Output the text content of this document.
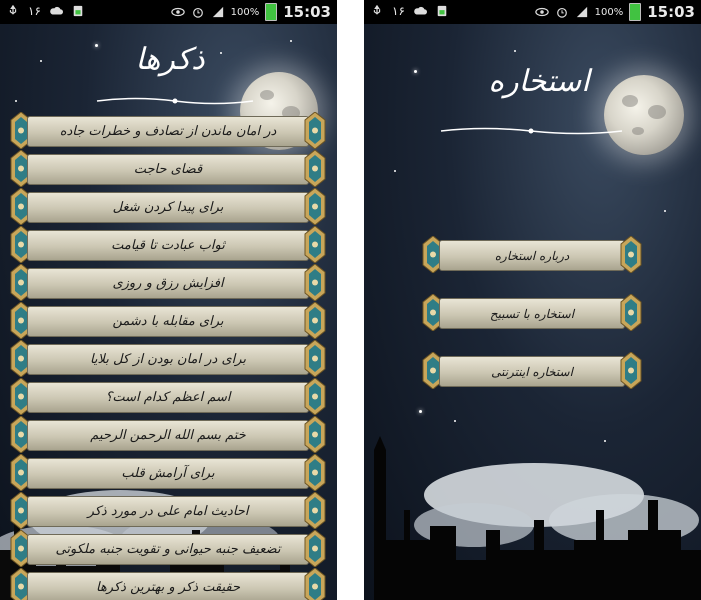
١۶	100% 15:03
ذکرها
در امان ماندن از تصادف و خطرات جاده
قضای حاجت
برای پیدا کردن شغل
ثواب عبادت تا قیامت
افزایش رزق و روزی
برای مقابله با دشمن
برای در امان بودن از کل بلایا
اسم اعظم کدام است؟
ختم بسم الله الرحمن الرحیم
برای آرامش قلب
احادیث امام علی در مورد ذکر
تضعیف جنبه حیوانی و تقویت جنبه ملکوتی
حقیقت ذکر و بهترین ذکرها
١۶	100% 15:03
استخاره
درباره استخاره
استخاره با تسبیح
استخاره اینترنتی
